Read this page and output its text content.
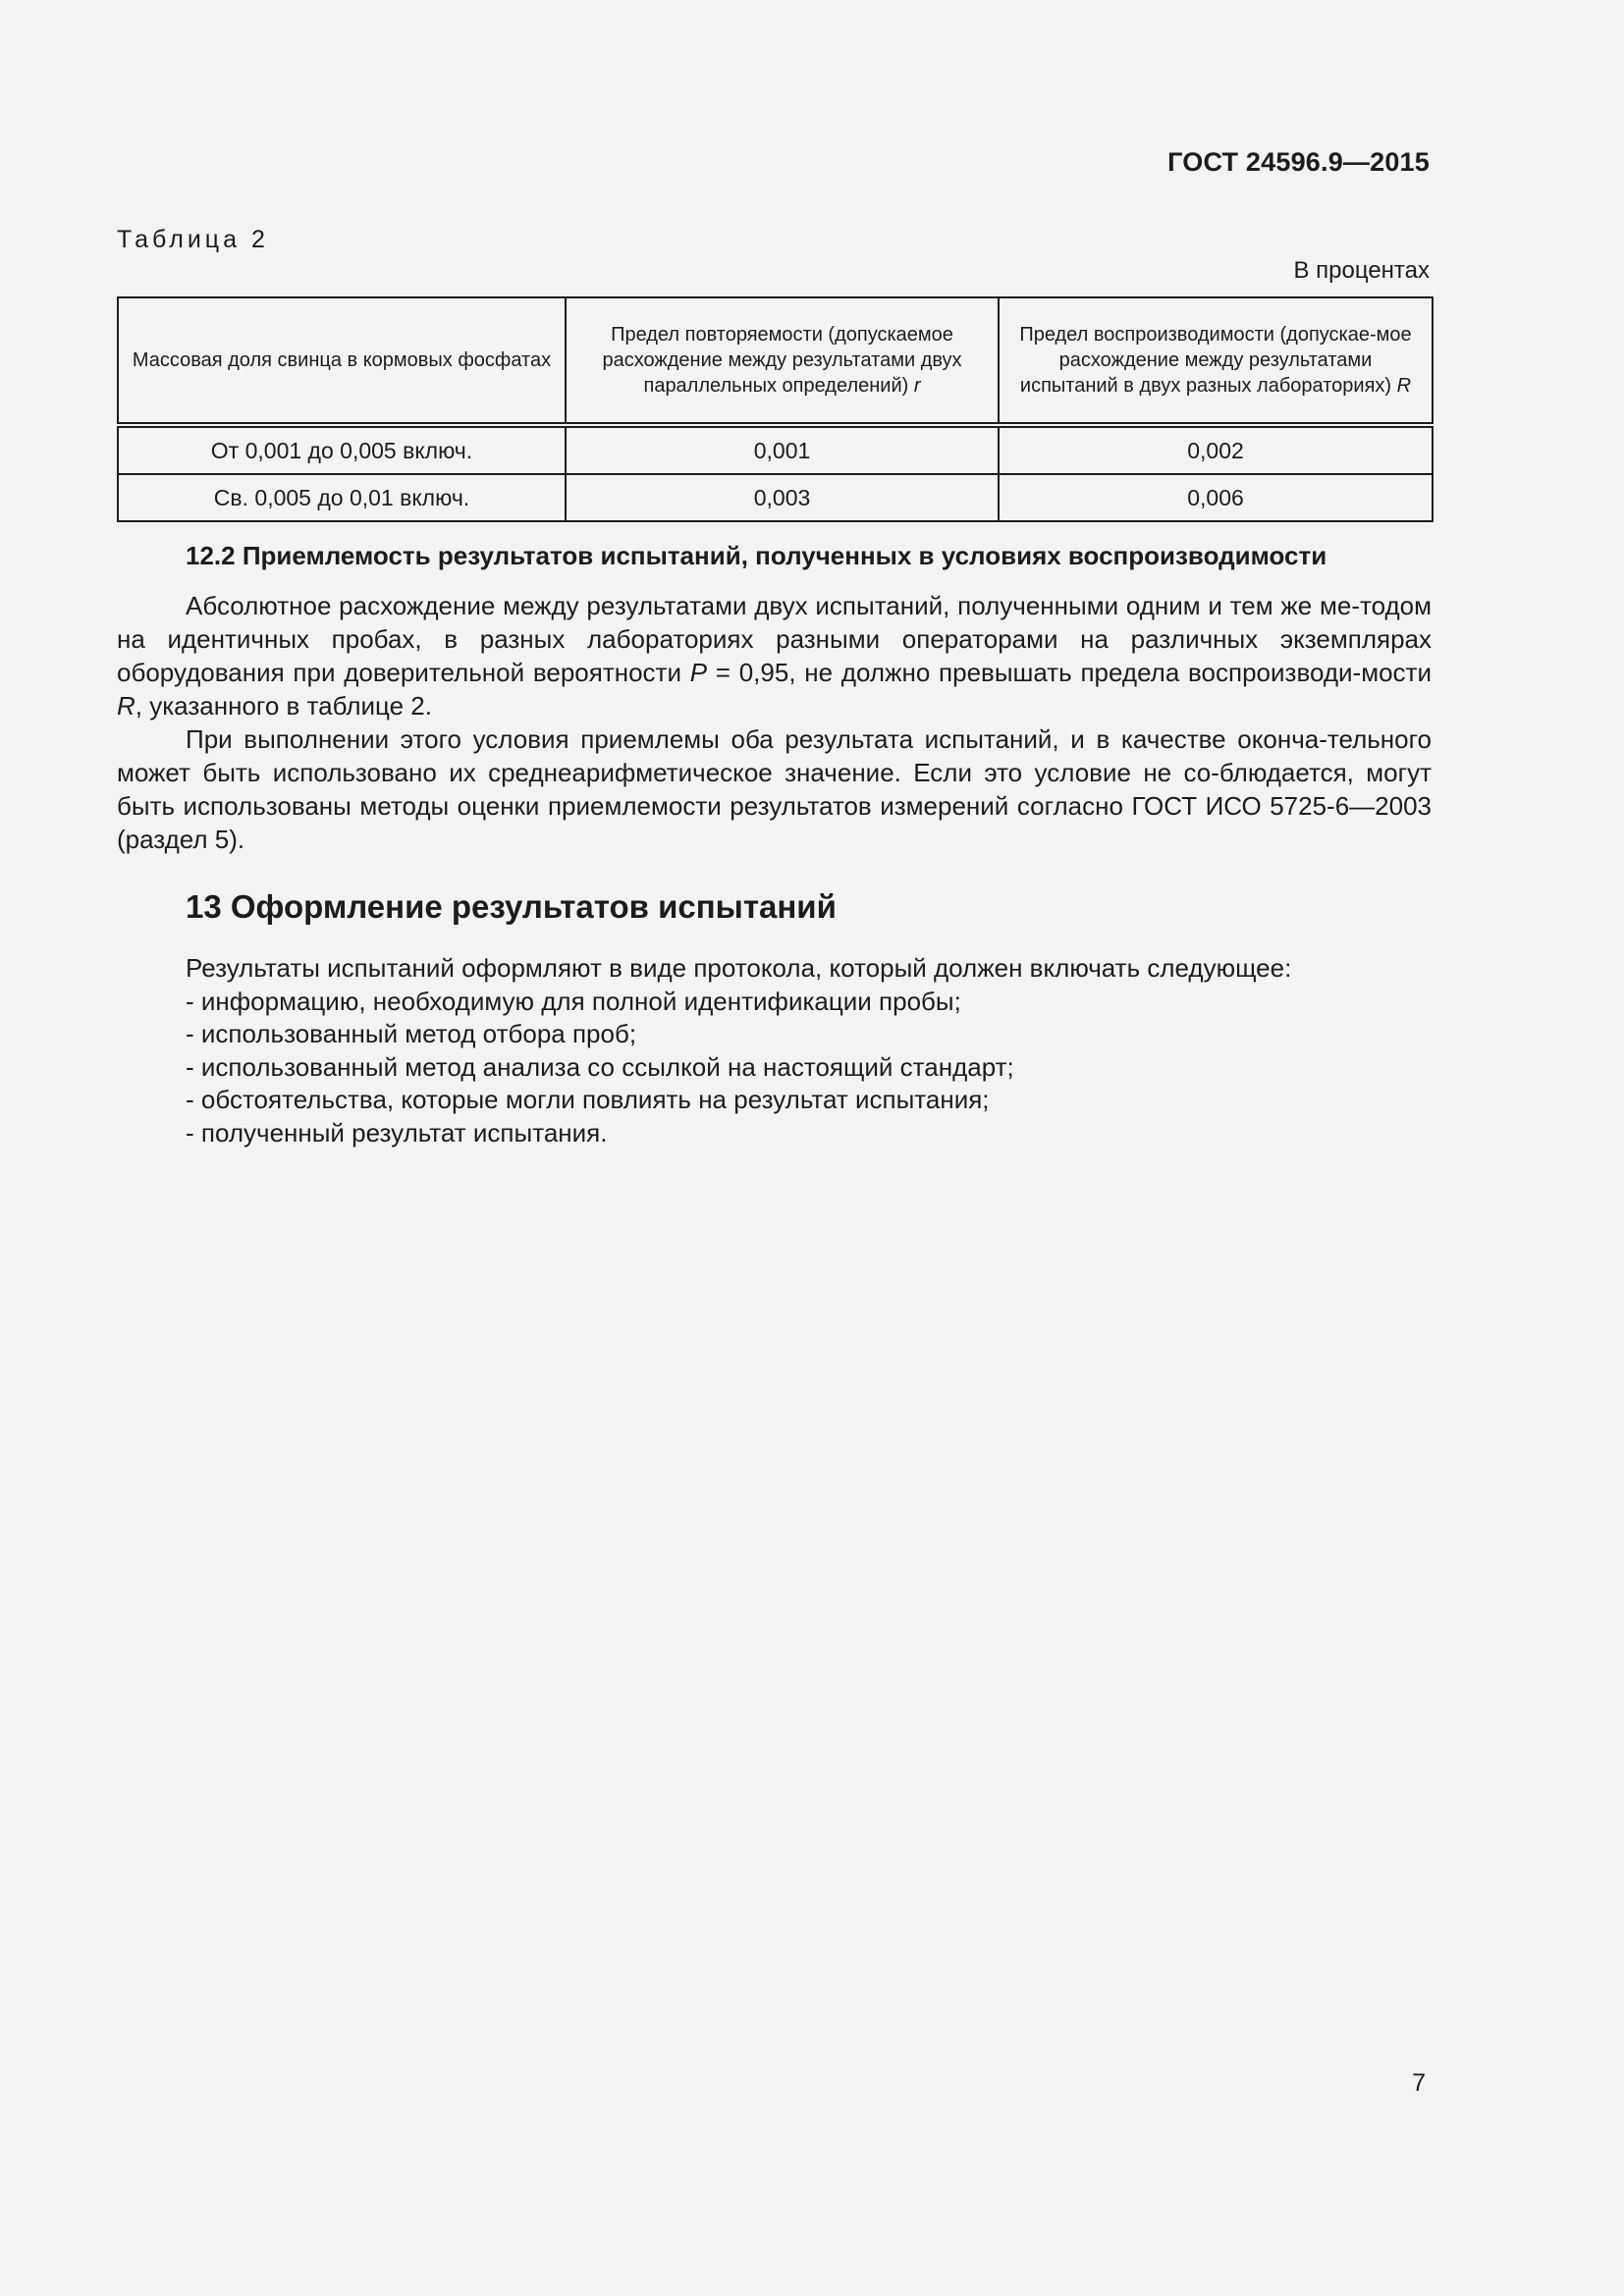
ГОСТ 24596.9—2015
Таблица 2
В процентах
Массовая доля свинца в кормовых фосфатах	Предел повторяемости (допускаемое расхождение между результатами двух параллельных определений) r	Предел воспроизводимости (допускае-мое расхождение между результатами испытаний в двух разных лабораториях) R
От 0,001 до 0,005 включ.	0,001	0,002
Св. 0,005 до 0,01 включ.	0,003	0,006
12.2 Приемлемость результатов испытаний, полученных в условиях воспроизводимости

Абсолютное расхождение между результатами двух испытаний, полученными одним и тем же ме-тодом на идентичных пробах, в разных лабораториях разными операторами на различных экземплярах оборудования при доверительной вероятности P = 0,95, не должно превышать предела воспроизводи-мости R, указанного в таблице 2.

При выполнении этого условия приемлемы оба результата испытаний, и в качестве оконча-тельного может быть использовано их среднеарифметическое значение. Если это условие не со-блюдается, могут быть использованы методы оценки приемлемости результатов измерений согласно ГОСТ ИСО 5725-6—2003 (раздел 5).

13 Оформление результатов испытаний
Результаты испытаний оформляют в виде протокола, который должен включать следующее:
- информацию, необходимую для полной идентификации пробы;
- использованный метод отбора проб;
- использованный метод анализа со ссылкой на настоящий стандарт;
- обстоятельства, которые могли повлиять на результат испытания;
- полученный результат испытания.
7
